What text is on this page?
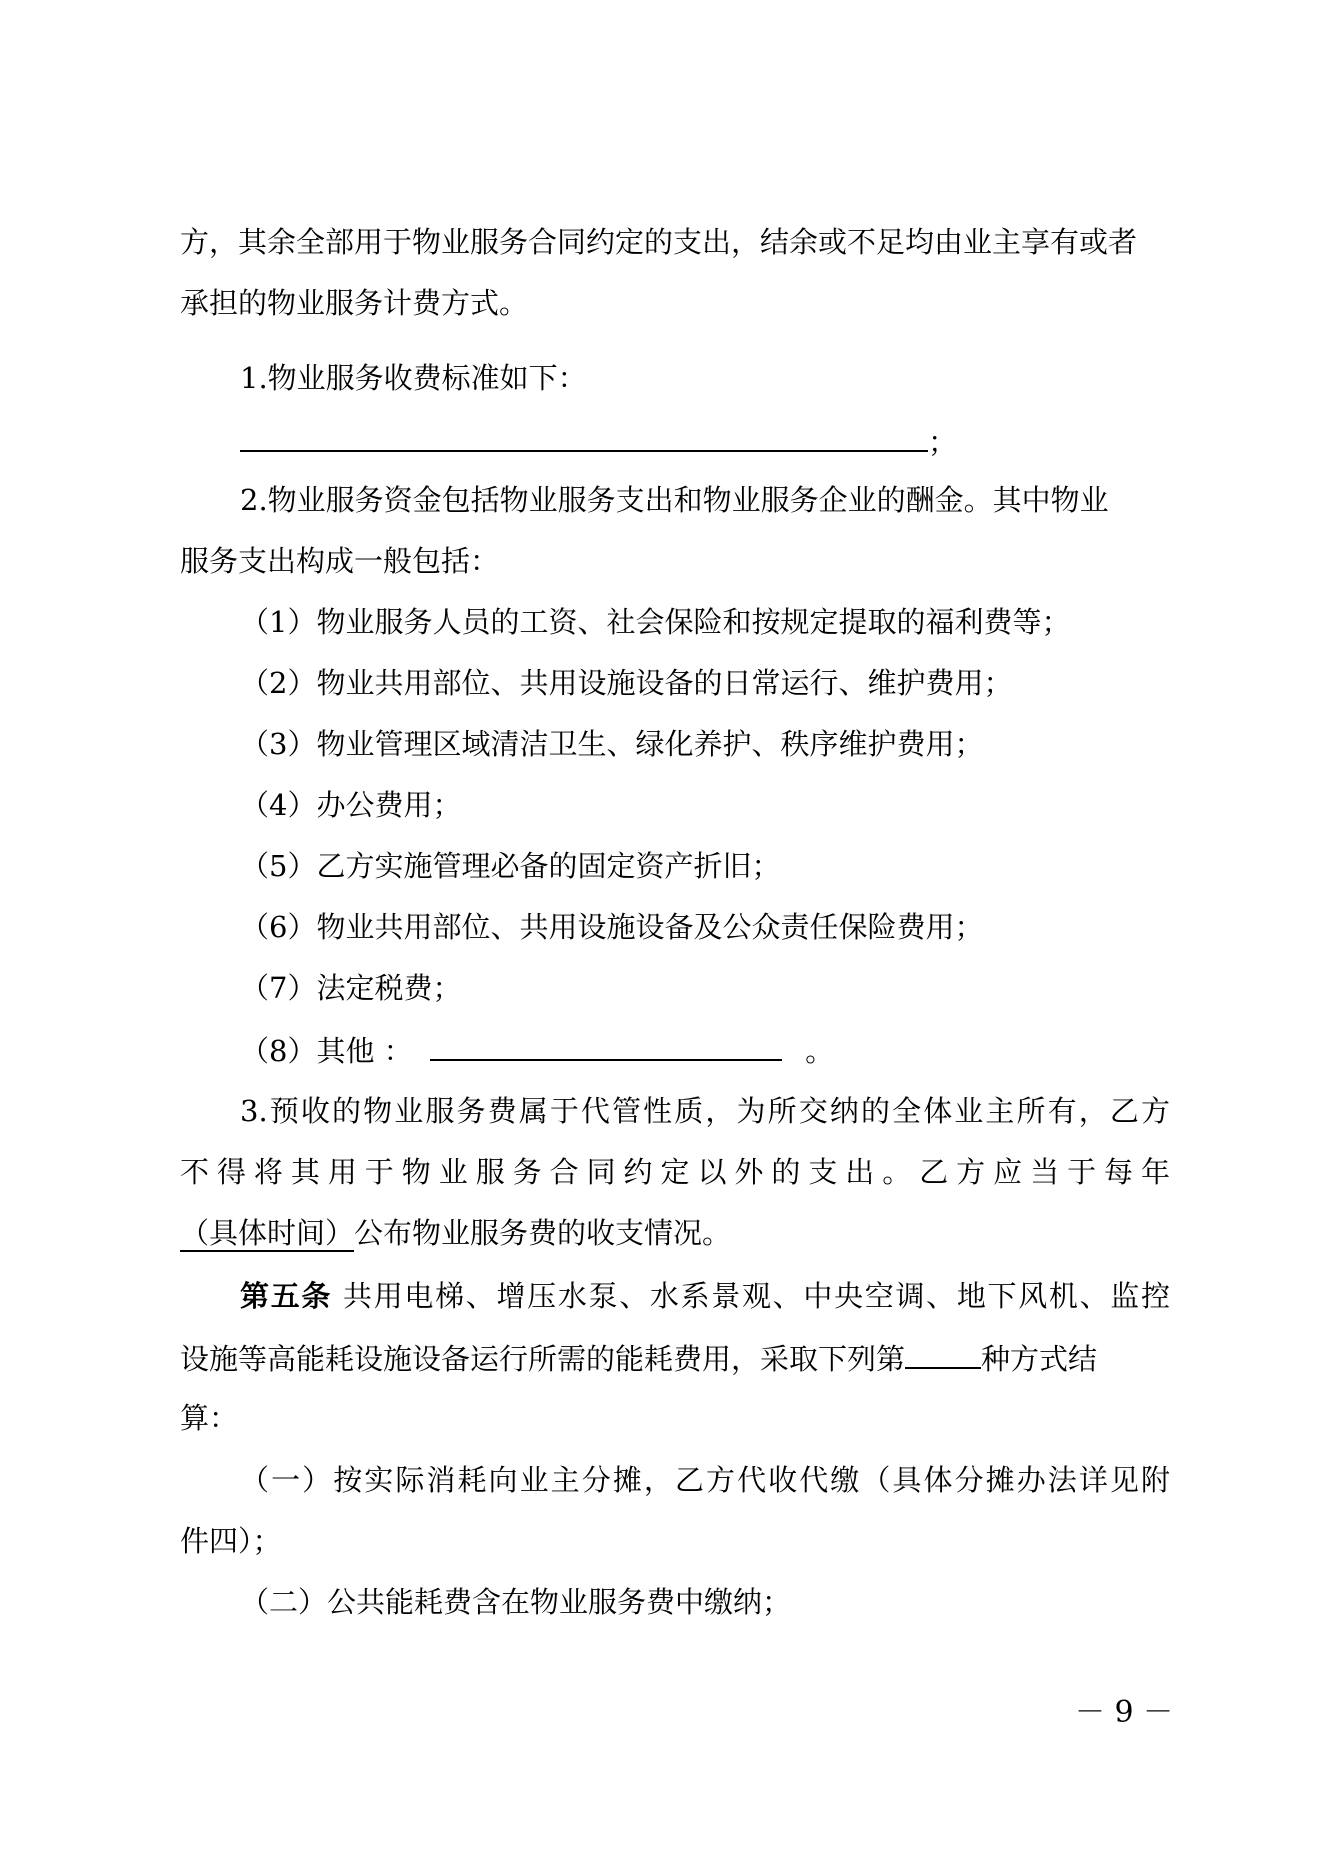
方，其余全部用于物业服务合同约定的支出，结余或不足均由业主享有或者
承担的物业服务计费方式。
1.物业服务收费标准如下：
；
2.物业服务资金包括物业服务支出和物业服务企业的酬金。其中物业
服务支出构成一般包括：
（1）物业服务人员的工资、社会保险和按规定提取的福利费等；
（2）物业共用部位、共用设施设备的日常运行、维护费用；
（3）物业管理区域清洁卫生、绿化养护、秩序维护费用；
（4）办公费用；
（5）乙方实施管理必备的固定资产折旧；
（6）物业共用部位、共用设施设备及公众责任保险费用；
（7）法定税费；
（8）其他 ：	。
3.预收的物业服务费属于代管性质，为所交纳的全体业主所有，乙方
不得将其用于物业服务合同约定以外的支出。乙方应当于每年
（具体时间）公布物业服务费的收支情况。
第五条 共用电梯、增压水泵、水系景观、中央空调、地下风机、监控
设施等高能耗设施设备运行所需的能耗费用，采取下列第	种方式结
算：
（一）按实际消耗向业主分摊，乙方代收代缴（具体分摊办法详见附
件四）；
（二）公共能耗费含在物业服务费中缴纳；
－ 9 －
